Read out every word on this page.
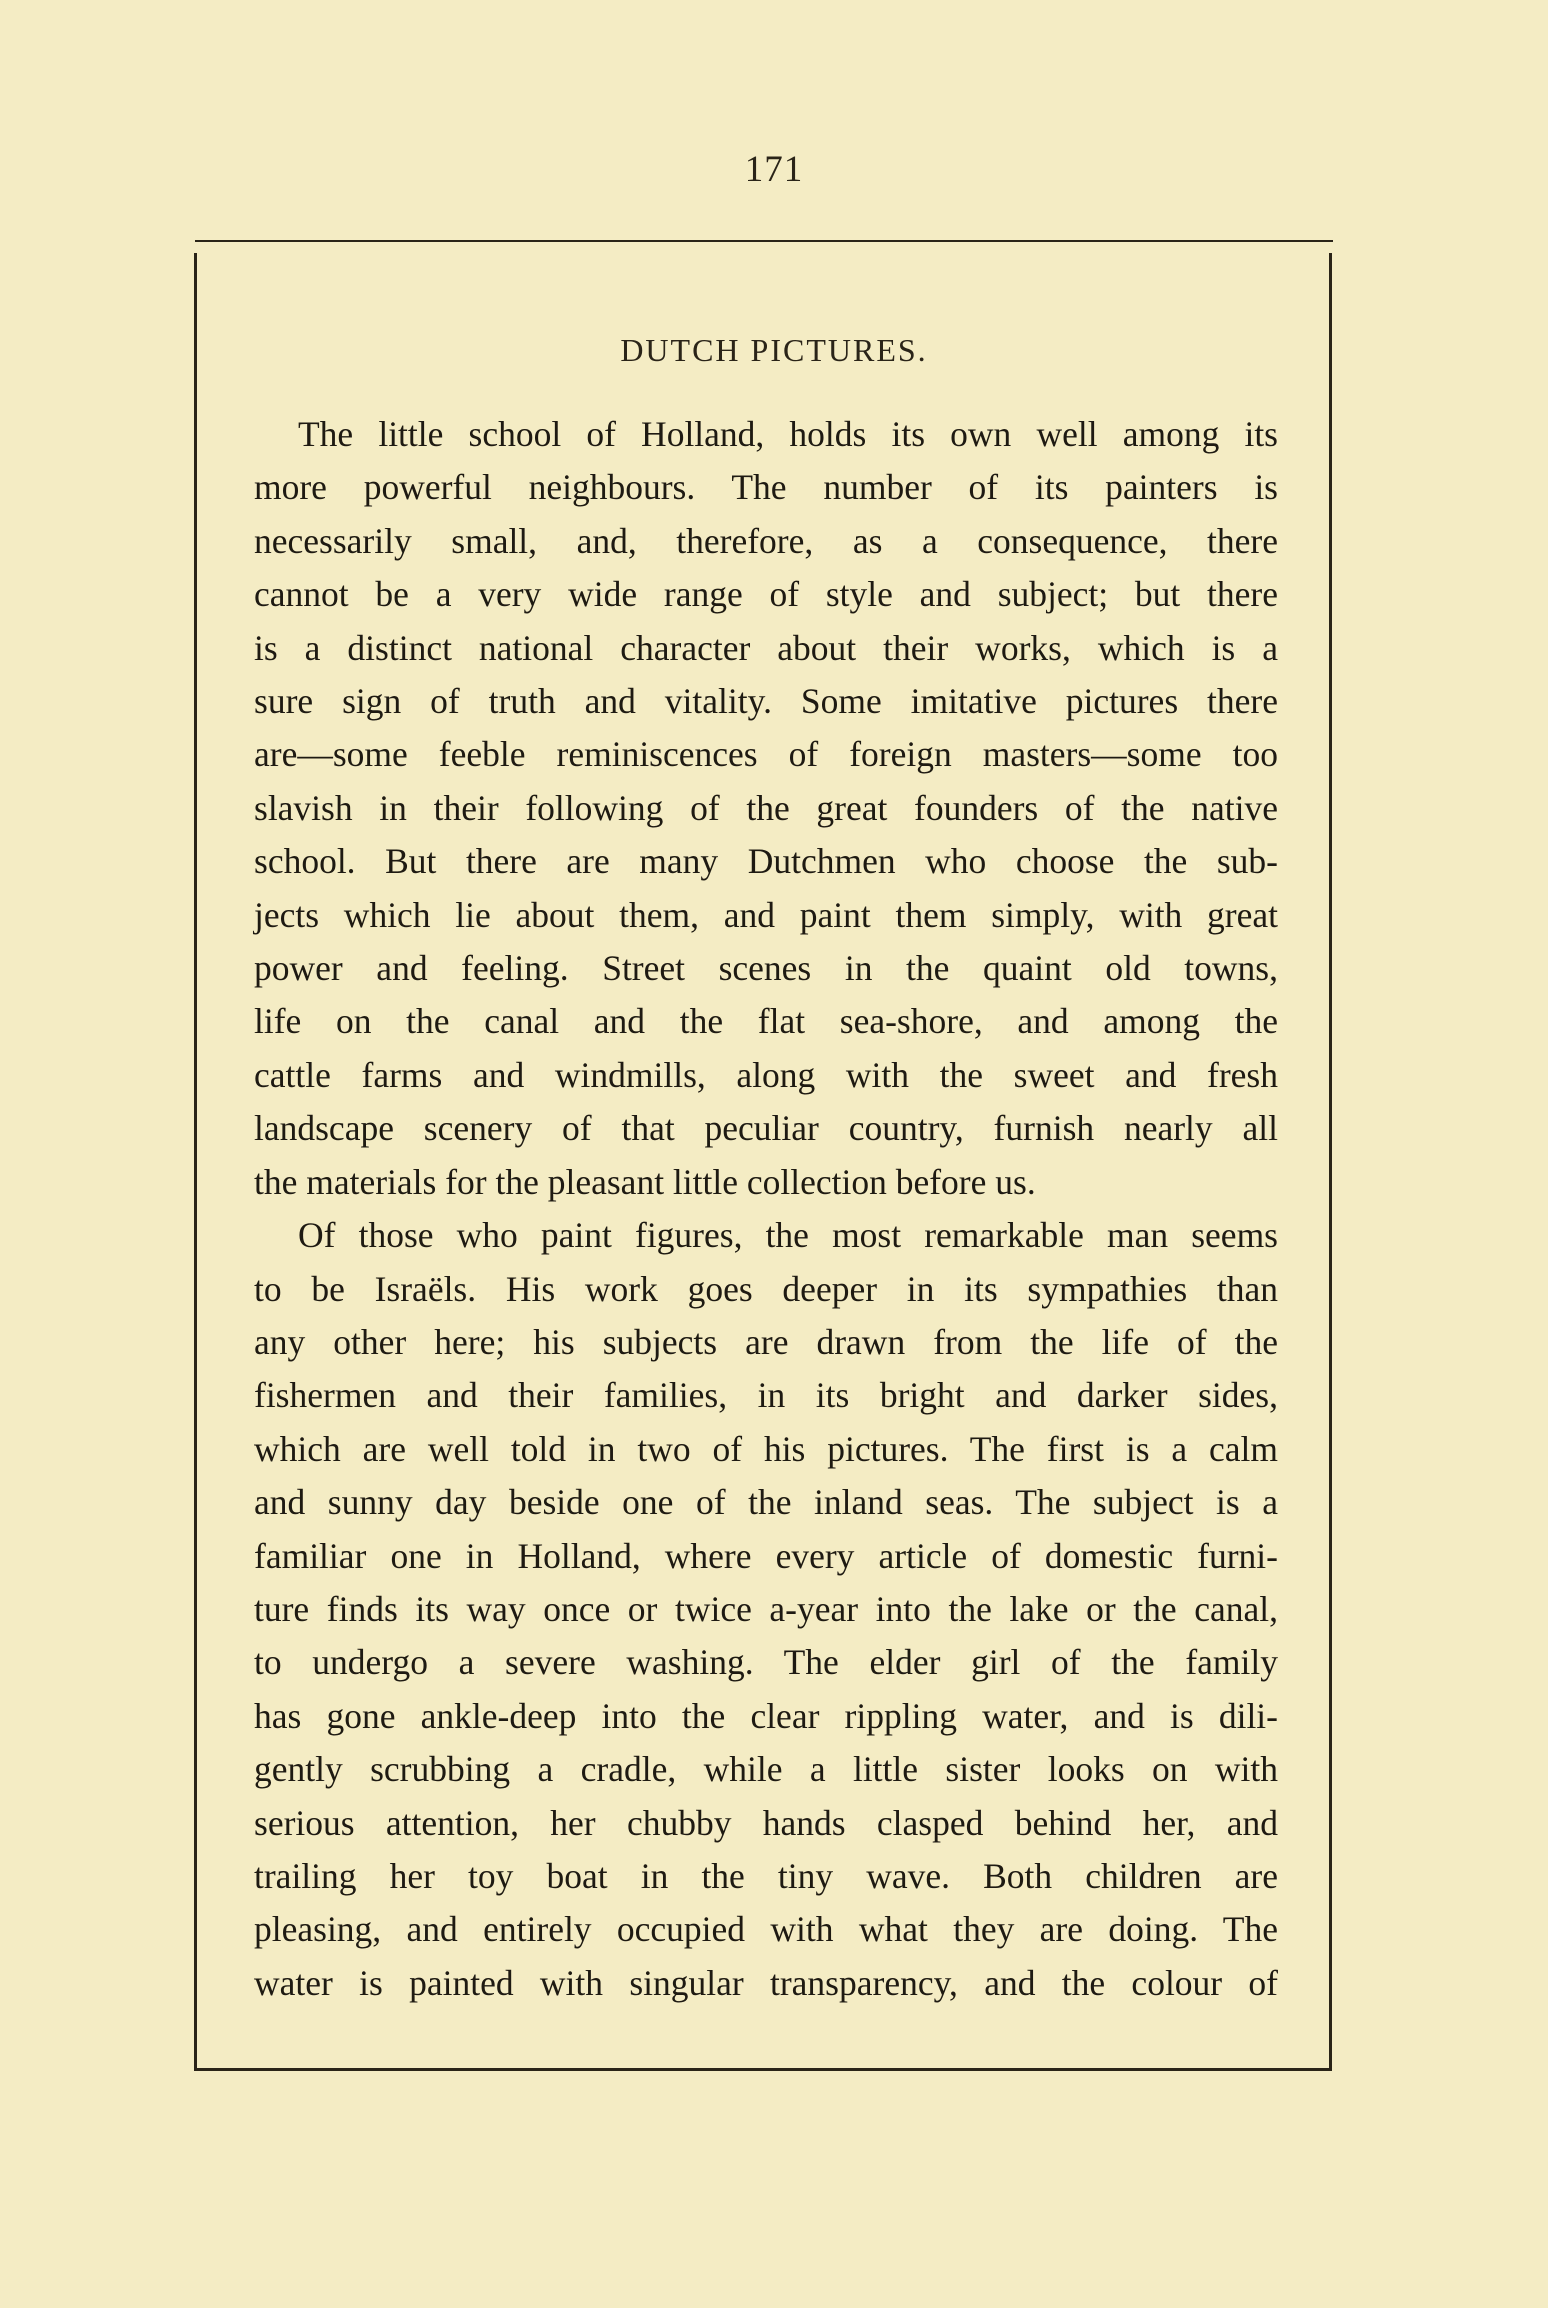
171
DUTCH PICTURES.
The little school of Holland, holds its own well among its
more powerful neighbours. The number of its painters is
necessarily small, and, therefore, as a consequence, there
cannot be a very wide range of style and subject; but there
is a distinct national character about their works, which is a
sure sign of truth and vitality. Some imitative pictures there
are—some feeble reminiscences of foreign masters—some too
slavish in their following of the great founders of the native
school. But there are many Dutchmen who choose the sub-
jects which lie about them, and paint them simply, with great
power and feeling. Street scenes in the quaint old towns,
life on the canal and the flat sea-shore, and among the
cattle farms and windmills, along with the sweet and fresh
landscape scenery of that peculiar country, furnish nearly all
the materials for the pleasant little collection before us.
Of those who paint figures, the most remarkable man seems
to be Israëls. His work goes deeper in its sympathies than
any other here; his subjects are drawn from the life of the
fishermen and their families, in its bright and darker sides,
which are well told in two of his pictures. The first is a calm
and sunny day beside one of the inland seas. The subject is a
familiar one in Holland, where every article of domestic furni-
ture finds its way once or twice a-year into the lake or the canal,
to undergo a severe washing. The elder girl of the family
has gone ankle-deep into the clear rippling water, and is dili-
gently scrubbing a cradle, while a little sister looks on with
serious attention, her chubby hands clasped behind her, and
trailing her toy boat in the tiny wave. Both children are
pleasing, and entirely occupied with what they are doing. The
water is painted with singular transparency, and the colour of
